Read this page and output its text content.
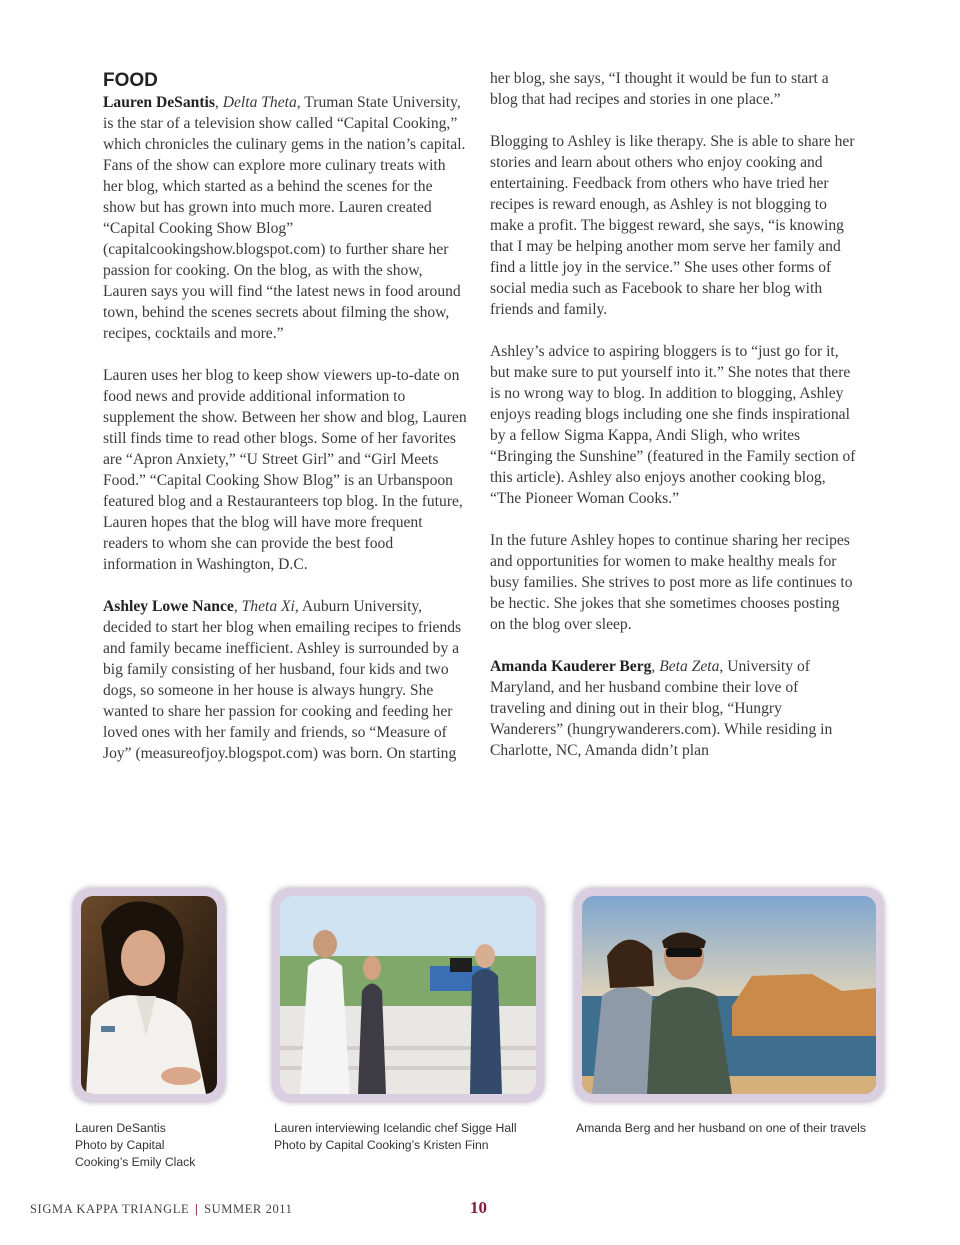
FOOD

Lauren DeSantis, Delta Theta, Truman State University, is the star of a television show called “Capital Cooking,” which chronicles the culinary gems in the nation’s capital. Fans of the show can explore more culinary treats with her blog, which started as a behind the scenes for the show but has grown into much more. Lauren created “Capital Cooking Show Blog” (capitalcookingshow.blogspot.com) to further share her passion for cooking. On the blog, as with the show, Lauren says you will find “the latest news in food around town, behind the scenes secrets about filming the show, recipes, cocktails and more.”

Lauren uses her blog to keep show viewers up-to-date on food news and provide additional information to supplement the show. Between her show and blog, Lauren still finds time to read other blogs. Some of her favorites are “Apron Anxiety,” “U Street Girl” and “Girl Meets Food.” “Capital Cooking Show Blog” is an Urbanspoon featured blog and a Restauranteers top blog. In the future, Lauren hopes that the blog will have more frequent readers to whom she can provide the best food information in Washington, D.C.

Ashley Lowe Nance, Theta Xi, Auburn University, decided to start her blog when emailing recipes to friends and family became inefficient. Ashley is surrounded by a big family consisting of her husband, four kids and two dogs, so someone in her house is always hungry. She wanted to share her passion for cooking and feeding her loved ones with her family and friends, so “Measure of Joy” (measureofjoy.blogspot.com) was born. On starting

her blog, she says, “I thought it would be fun to start a blog that had recipes and stories in one place.”

Blogging to Ashley is like therapy. She is able to share her stories and learn about others who enjoy cooking and entertaining. Feedback from others who have tried her recipes is reward enough, as Ashley is not blogging to make a profit. The biggest reward, she says, “is knowing that I may be helping another mom serve her family and find a little joy in the service.” She uses other forms of social media such as Facebook to share her blog with friends and family.

Ashley’s advice to aspiring bloggers is to “just go for it, but make sure to put yourself into it.” She notes that there is no wrong way to blog. In addition to blogging, Ashley enjoys reading blogs including one she finds inspirational by a fellow Sigma Kappa, Andi Sligh, who writes “Bringing the Sunshine” (featured in the Family section of this article). Ashley also enjoys another cooking blog, “The Pioneer Woman Cooks.”

In the future Ashley hopes to continue sharing her recipes and opportunities for women to make healthy meals for busy families. She strives to post more as life continues to be hectic. She jokes that she sometimes chooses posting on the blog over sleep.

Amanda Kauderer Berg, Beta Zeta, University of Maryland, and her husband combine their love of traveling and dining out in their blog, “Hungry Wanderers” (hungrywanderers.com). While residing in Charlotte, NC, Amanda didn’t plan

Lauren DeSantis
Photo by Capital
Cooking’s Emily Clack
Lauren interviewing Icelandic chef Sigge Hall
Photo by Capital Cooking’s Kristen Finn
Amanda Berg and her husband on one of their travels
SIGMA KAPPA TRIANGLE | SUMMER 2011	10
